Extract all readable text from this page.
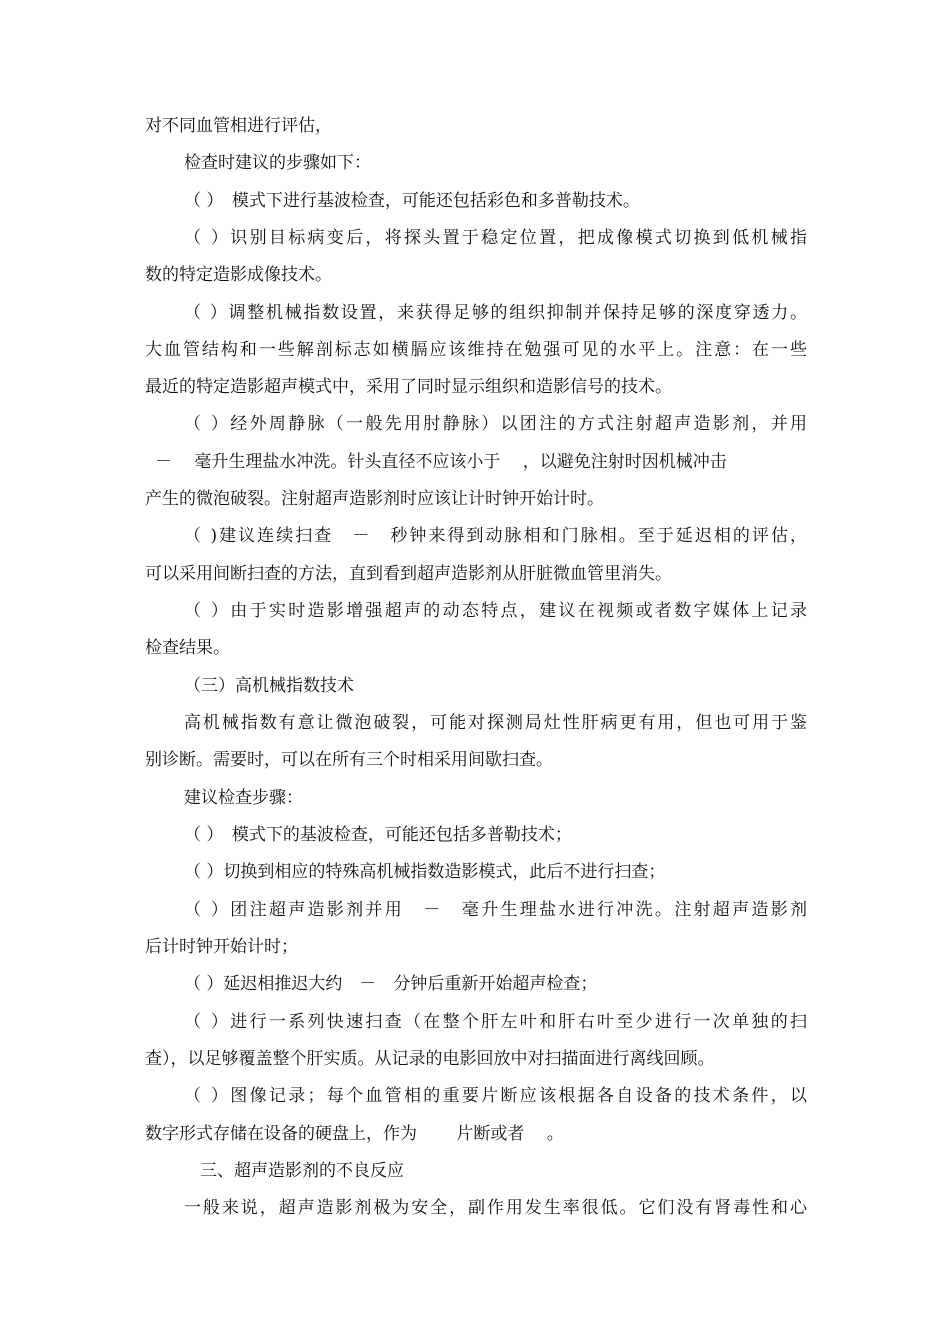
对不同血管相进行评估，
检查时建议的步骤如下：
（ ）　模式下进行基波检查，可能还包括彩色和多普勒技术。
（ ）识别目标病变后，将探头置于稳定位置，把成像模式切换到低机械指
数的特定造影成像技术。
（ ）调整机械指数设置，来获得足够的组织抑制并保持足够的深度穿透力。
大血管结构和一些解剖标志如横膈应该维持在勉强可见的水平上。注意：在一些
最近的特定造影超声模式中，采用了同时显示组织和造影信号的技术。
（ ）经外周静脉（一般先用肘静脉）以团注的方式注射超声造影剂，并用
－　 毫升生理盐水冲洗。针头直径不应该小于　 ，以避免注射时因机械冲击
产生的微泡破裂。注射超声造影剂时应该让计时钟开始计时。
（ )建议连续扫查　－　秒钟来得到动脉相和门脉相。至于延迟相的评估，
可以采用间断扫查的方法，直到看到超声造影剂从肝脏微血管里消失。
（ ）由于实时造影增强超声的动态特点，建议在视频或者数字媒体上记录
检查结果。
（三）高机械指数技术
高机械指数有意让微泡破裂，可能对探测局灶性肝病更有用，但也可用于鉴
别诊断。需要时，可以在所有三个时相采用间歇扫查。
建议检查步骤：
（ ）　模式下的基波检查，可能还包括多普勒技术；
（ ）切换到相应的特殊高机械指数造影模式，此后不进行扫查；
（ ）团注超声造影剂并用　－　毫升生理盐水进行冲洗。注射超声造影剂
后计时钟开始计时；
（ ）延迟相推迟大约　－　分钟后重新开始超声检查；
（ ）进行一系列快速扫查（在整个肝左叶和肝右叶至少进行一次单独的扫
查），以足够覆盖整个肝实质。从记录的电影回放中对扫描面进行离线回顾。
（ ）图像记录；每个血管相的重要片断应该根据各自设备的技术条件，以
数字形式存储在设备的硬盘上，作为　　 片断或者　 。
三、超声造影剂的不良反应
一般来说，超声造影剂极为安全，副作用发生率很低。它们没有肾毒性和心
